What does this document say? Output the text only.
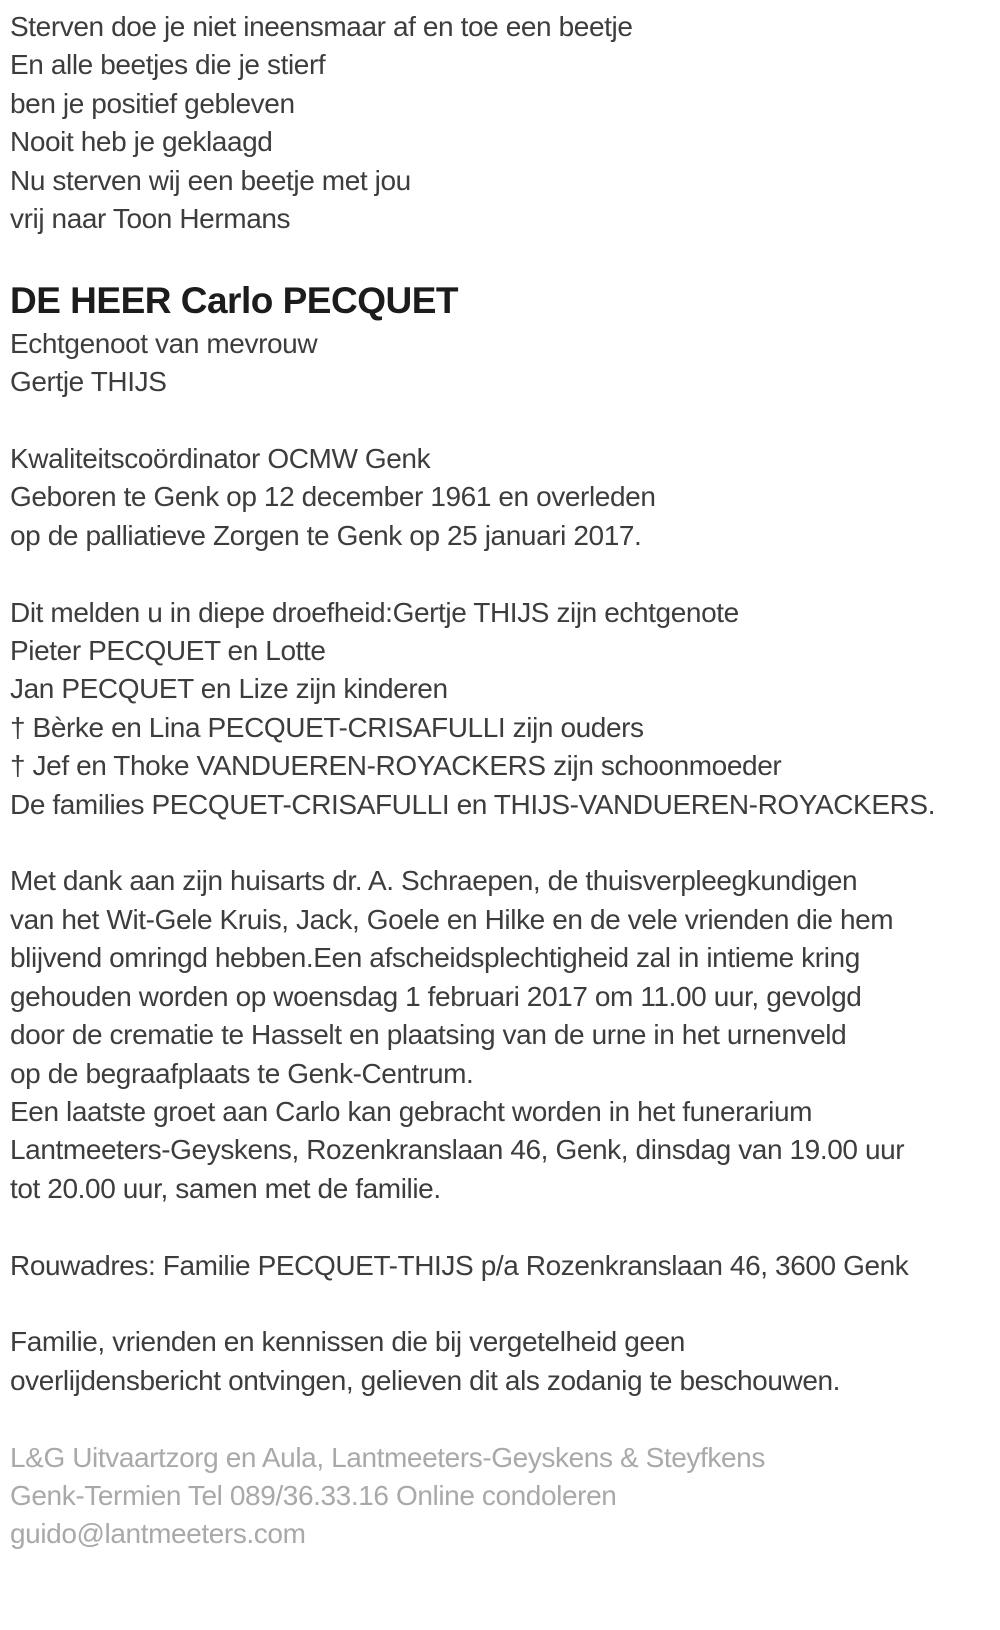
Sterven doe je niet ineensmaar af en toe een beetje
En alle beetjes die je stierf
ben je positief gebleven
Nooit heb je geklaagd
Nu sterven wij een beetje met jou
vrij naar Toon Hermans
DE HEER Carlo PECQUET
Echtgenoot van mevrouw
Gertje THIJS
Kwaliteitscoördinator OCMW Genk
Geboren te Genk op 12 december 1961 en overleden
op de palliatieve Zorgen te Genk op 25 januari 2017.
Dit melden u in diepe droefheid:Gertje THIJS zijn echtgenote
Pieter PECQUET en Lotte
Jan PECQUET en Lize zijn kinderen
† Bèrke en Lina PECQUET-CRISAFULLI zijn ouders
† Jef en Thoke VANDUEREN-ROYACKERS zijn schoonmoeder
De families PECQUET-CRISAFULLI en THIJS-VANDUEREN-ROYACKERS.
Met dank aan zijn huisarts dr. A. Schraepen, de thuisverpleegkundigen
van het Wit-Gele Kruis, Jack, Goele en Hilke en de vele vrienden die hem
blijvend omringd hebben.Een afscheidsplechtigheid zal in intieme kring
gehouden worden op woensdag 1 februari 2017 om 11.00 uur, gevolgd
door de crematie te Hasselt en plaatsing van de urne in het urnenveld
op de begraafplaats te Genk-Centrum.
Een laatste groet aan Carlo kan gebracht worden in het funerarium
Lantmeeters-Geyskens, Rozenkranslaan 46, Genk, dinsdag van 19.00 uur
tot 20.00 uur, samen met de familie.
Rouwadres: Familie PECQUET-THIJS p/a Rozenkranslaan 46, 3600 Genk
Familie, vrienden en kennissen die bij vergetelheid geen
overlijdensbericht ontvingen, gelieven dit als zodanig te beschouwen.
L&G Uitvaartzorg en Aula, Lantmeeters-Geyskens & Steyfkens
Genk-Termien Tel 089/36.33.16 Online condoleren
guido@lantmeeters.com
